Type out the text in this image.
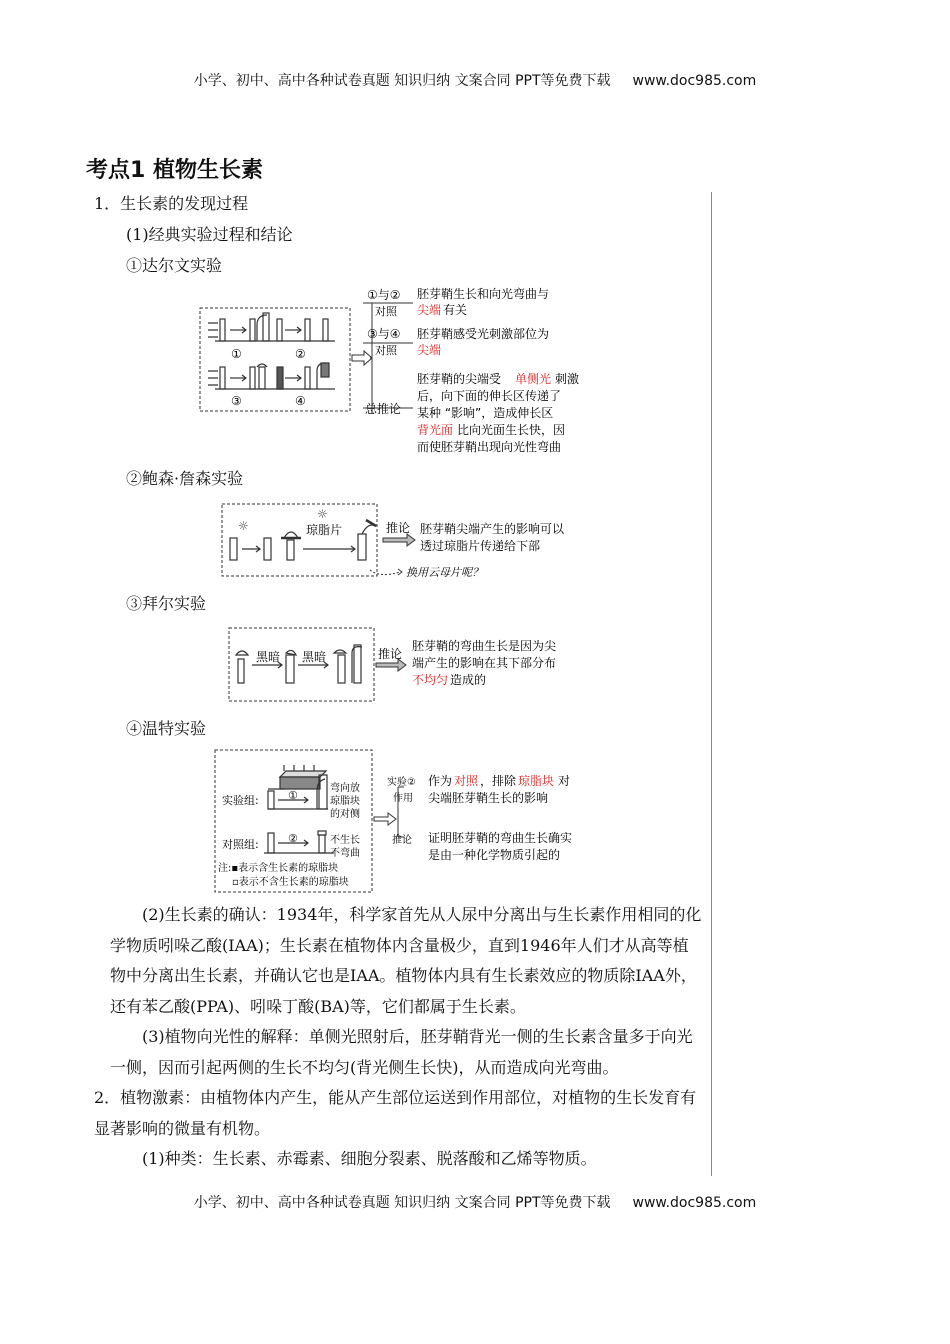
小学、初中、高中各种试卷真题 知识归纳 文案合同 PPT等免费下载 www.doc985.com
考点1 植物生长素
1．生长素的发现过程
(1)经典实验过程和结论
①达尔文实验
①	②
③	④
①与②
对照
胚芽鞘生长和向光弯曲与
尖端 有关
③与④
对照
胚芽鞘感受光刺激部位为
尖端
总推论
胚芽鞘的尖端受 单侧光 刺激
后，向下面的伸长区传递了
某种 “影响”，造成伸长区
背光面 比向光面生长快，因
而使胚芽鞘出现向光性弯曲
②鲍森·詹森实验
☼
☼
琼脂片	推论 胚芽鞘尖端产生的影响可以
透过琼脂片传递给下部
换用云母片呢？
③拜尔实验
黑暗 黑暗	推论
胚芽鞘的弯曲生长是因为尖
端产生的影响在其下部分布
不均匀 造成的
④温特实验
实验组:
对照组:
①
②
弯向放
琼脂块
的对侧
不生长
不弯曲
注:▪表示含生长素的琼脂块
▫表示不含生长素的琼脂块
实验②
作用
推论
作为 对照 ，排除 琼脂块 对
尖端胚芽鞘生长的影响
证明胚芽鞘的弯曲生长确实
是由一种化学物质引起的
(2)生长素的确认：1934年，科学家首先从人尿中分离出与生长素作用相同的化学物质吲哚乙酸(IAA)；生长素在植物体内含量极少，直到1946年人们才从高等植物中分离出生长素，并确认它也是IAA。植物体内具有生长素效应的物质除IAA外，还有苯乙酸(PPA)、吲哚丁酸(BA)等，它们都属于生长素。
(3)植物向光性的解释：单侧光照射后，胚芽鞘背光一侧的生长素含量多于向光一侧，因而引起两侧的生长不均匀(背光侧生长快)，从而造成向光弯曲。
2．植物激素：由植物体内产生，能从产生部位运送到作用部位，对植物的生长发育有显著影响的微量有机物。
(1)种类：生长素、赤霉素、细胞分裂素、脱落酸和乙烯等物质。
小学、初中、高中各种试卷真题 知识归纳 文案合同 PPT等免费下载 www.doc985.com
